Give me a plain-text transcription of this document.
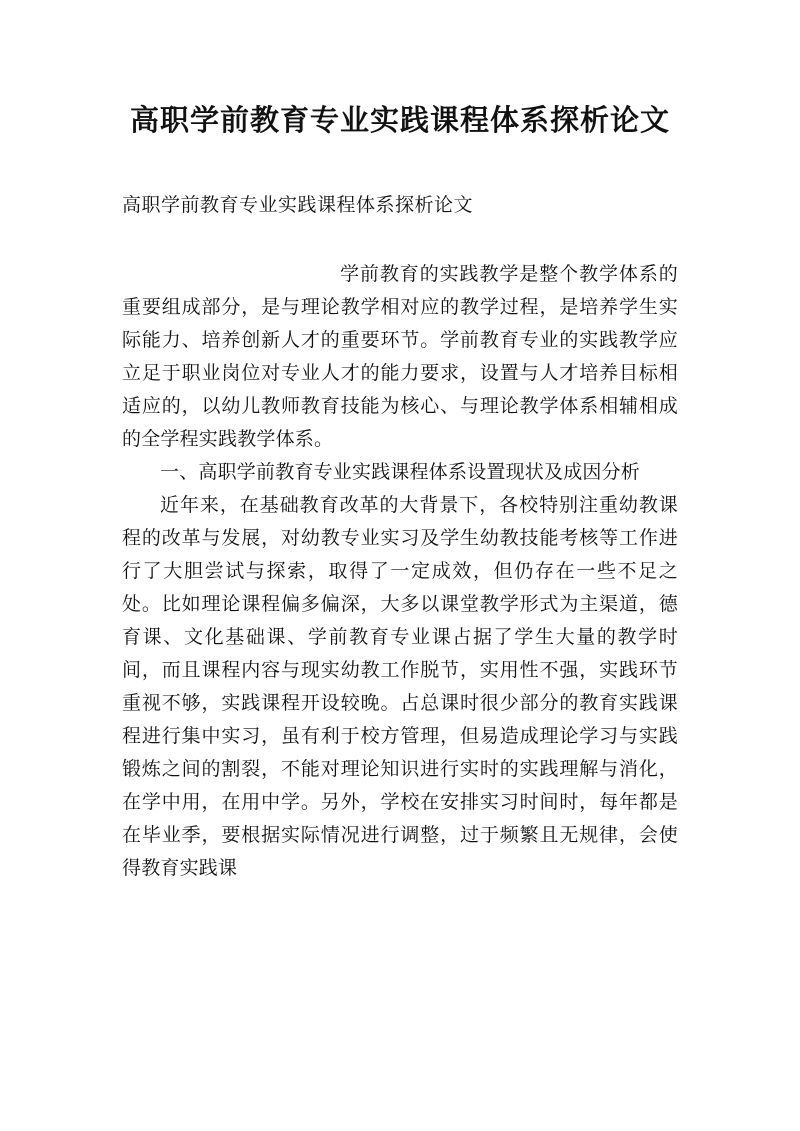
高职学前教育专业实践课程体系探析论文

高职学前教育专业实践课程体系探析论文

学前教育的实践教学是整个教学体系的重要组成部分，是与理论教学相对应的教学过程，是培养学生实际能力、培养创新人才的重要环节。学前教育专业的实践教学应立足于职业岗位对专业人才的能力要求，设置与人才培养目标相适应的，以幼儿教师教育技能为核心、与理论教学体系相辅相成的全学程实践教学体系。

一、高职学前教育专业实践课程体系设置现状及成因分析

近年来，在基础教育改革的大背景下，各校特别注重幼教课程的改革与发展，对幼教专业实习及学生幼教技能考核等工作进行了大胆尝试与探索，取得了一定成效，但仍存在一些不足之处。比如理论课程偏多偏深，大多以课堂教学形式为主渠道，德育课、文化基础课、学前教育专业课占据了学生大量的教学时间，而且课程内容与现实幼教工作脱节，实用性不强，实践环节重视不够，实践课程开设较晚。占总课时很少部分的教育实践课程进行集中实习，虽有利于校方管理，但易造成理论学习与实践锻炼之间的割裂，不能对理论知识进行实时的实践理解与消化，在学中用，在用中学。另外，学校在安排实习时间时，每年都是在毕业季，要根据实际情况进行调整，过于频繁且无规律，会使得教育实践课
